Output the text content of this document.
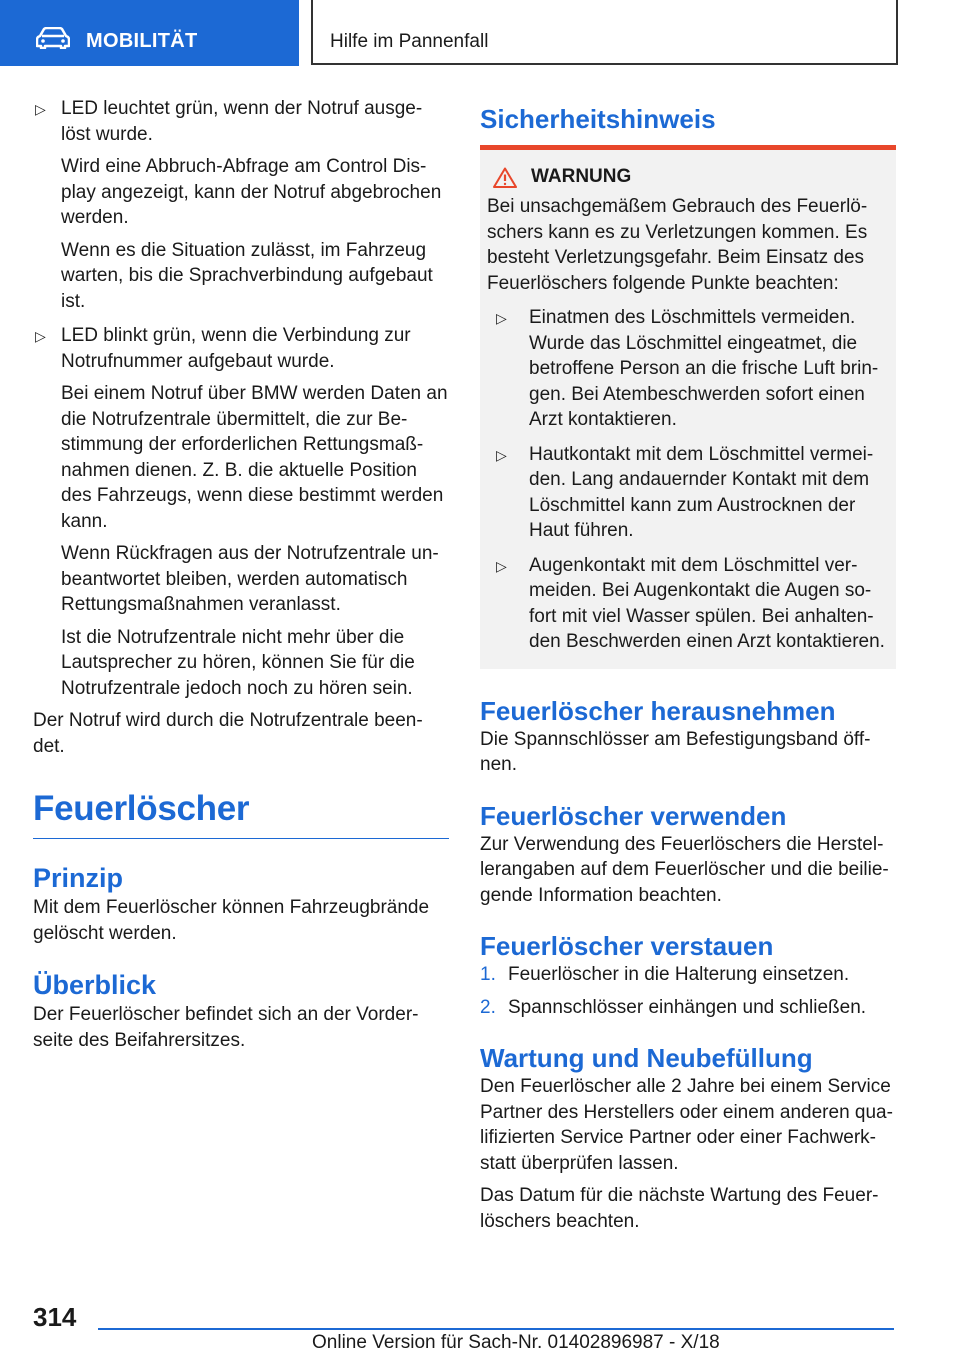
MOBILITÄT	Hilfe im Pannenfall
▷ LED leuchtet grün, wenn der Notruf ausge-löst wurde.

Wird eine Abbruch-Abfrage am Control Dis-play angezeigt, kann der Notruf abgebrochen werden.

Wenn es die Situation zulässt, im Fahrzeug warten, bis die Sprachverbindung aufgebaut ist.

▷ LED blinkt grün, wenn die Verbindung zur Notrufnummer aufgebaut wurde.

Bei einem Notruf über BMW werden Daten an die Notrufzentrale übermittelt, die zur Be-stimmung der erforderlichen Rettungsmaß-nahmen dienen. Z. B. die aktuelle Position des Fahrzeugs, wenn diese bestimmt werden kann.

Wenn Rückfragen aus der Notrufzentrale un-beantwortet bleiben, werden automatisch Rettungsmaßnahmen veranlasst.

Ist die Notrufzentrale nicht mehr über die Lautsprecher zu hören, können Sie für die Notrufzentrale jedoch noch zu hören sein.

Der Notruf wird durch die Notrufzentrale been-det.

Feuerlöscher
Prinzip

Mit dem Feuerlöscher können Fahrzeugbrände gelöscht werden.

Überblick

Der Feuerlöscher befindet sich an der Vorder-seite des Beifahrersitzes.

Sicherheitshinweis
WARNUNG

Bei unsachgemäßem Gebrauch des Feuerlö-schers kann es zu Verletzungen kommen. Es besteht Verletzungsgefahr. Beim Einsatz des Feuerlöschers folgende Punkte beachten:

▷ Einatmen des Löschmittels vermeiden. Wurde das Löschmittel eingeatmet, die betroffene Person an die frische Luft brin-gen. Bei Atembeschwerden sofort einen Arzt kontaktieren.

▷ Hautkontakt mit dem Löschmittel vermei-den. Lang andauernder Kontakt mit dem Löschmittel kann zum Austrocknen der Haut führen.

▷ Augenkontakt mit dem Löschmittel ver-meiden. Bei Augenkontakt die Augen so-fort mit viel Wasser spülen. Bei anhalten-den Beschwerden einen Arzt kontaktieren.

Feuerlöscher herausnehmen

Die Spannschlösser am Befestigungsband öff-nen.

Feuerlöscher verwenden

Zur Verwendung des Feuerlöschers die Herstel-lerangaben auf dem Feuerlöscher und die beilie-gende Information beachten.

Feuerlöscher verstauen
1. Feuerlöscher in die Halterung einsetzen.

2. Spannschlösser einhängen und schließen.

Wartung und Neubefüllung

Den Feuerlöscher alle 2 Jahre bei einem Service Partner des Herstellers oder einem anderen qua-lifizierten Service Partner oder einer Fachwerk-statt überprüfen lassen.

Das Datum für die nächste Wartung des Feuer-löschers beachten.

314
Online Version für Sach-Nr. 01402896987 - X/18
